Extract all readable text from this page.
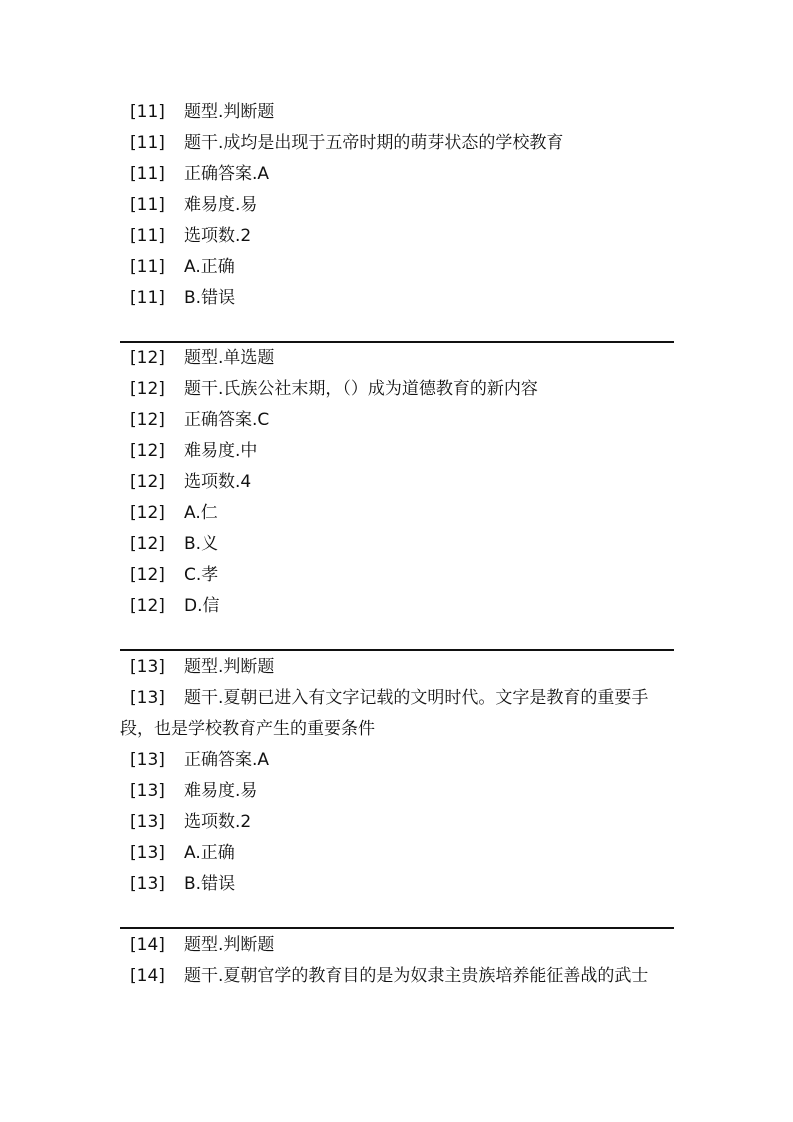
[11] 题型.判断题
[11] 题干.成均是出现于五帝时期的萌芽状态的学校教育
[11] 正确答案.A
[11] 难易度.易
[11] 选项数.2
[11] A.正确
[11] B.错误
[12] 题型.单选题
[12] 题干.氏族公社末期，（）成为道德教育的新内容
[12] 正确答案.C
[12] 难易度.中
[12] 选项数.4
[12] A.仁
[12] B.义
[12] C.孝
[12] D.信
[13] 题型.判断题
[13] 题干.夏朝已进入有文字记载的文明时代。文字是教育的重要手段，也是学校教育产生的重要条件
[13] 正确答案.A
[13] 难易度.易
[13] 选项数.2
[13] A.正确
[13] B.错误
[14] 题型.判断题
[14] 题干.夏朝官学的教育目的是为奴隶主贵族培养能征善战的武士
